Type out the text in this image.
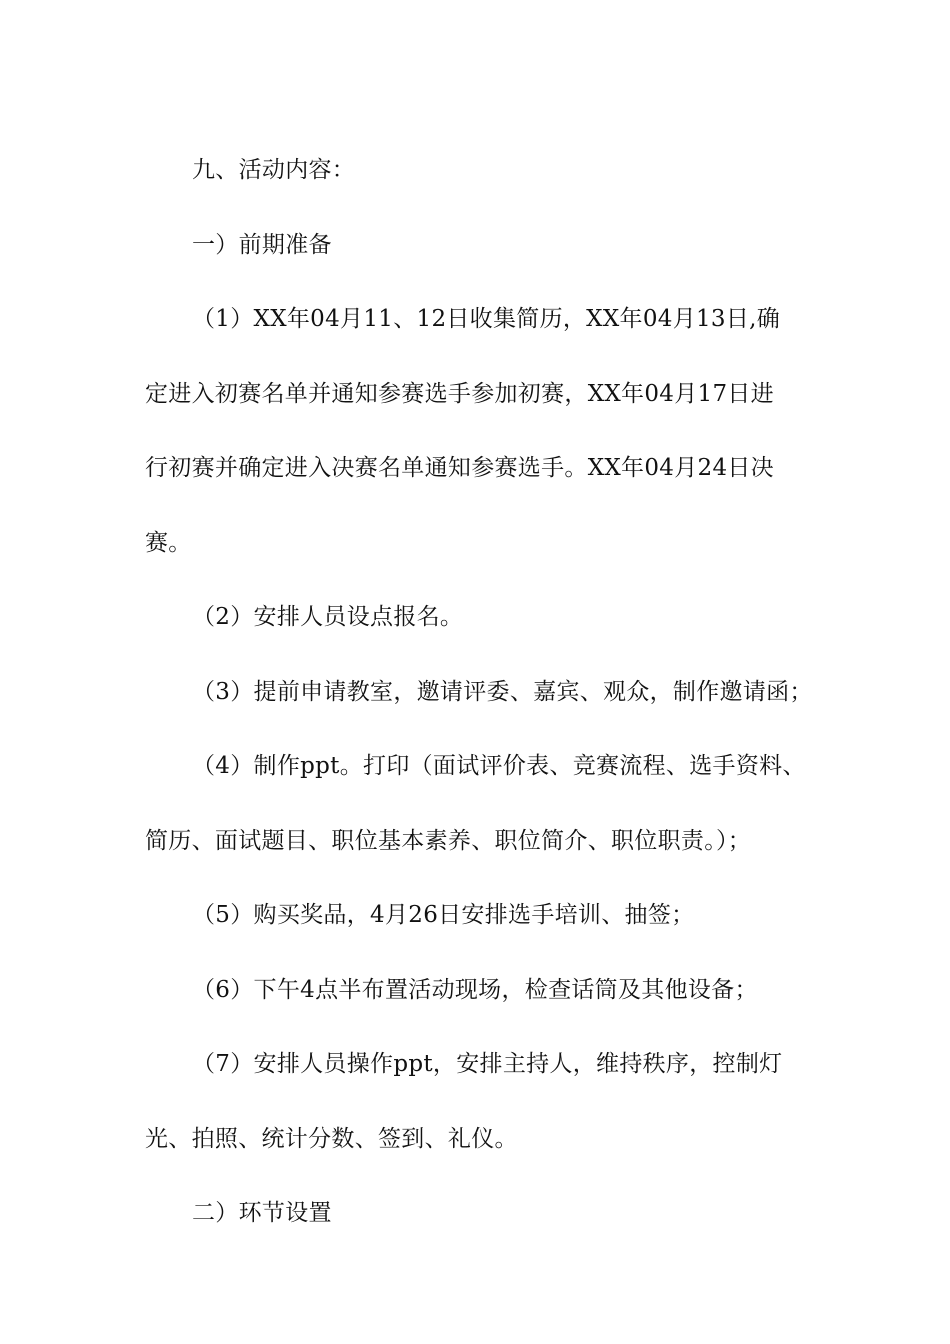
九、活动内容：
一）前期准备
（1）XX年04月11、12日收集简历，XX年04月13日,确
定进入初赛名单并通知参赛选手参加初赛，XX年04月17日进
行初赛并确定进入决赛名单通知参赛选手。XX年04月24日决
赛。
（2）安排人员设点报名。
（3）提前申请教室，邀请评委、嘉宾、观众，制作邀请函；
（4）制作ppt。打印（面试评价表、竞赛流程、选手资料、
简历、面试题目、职位基本素养、职位简介、职位职责。）；
（5）购买奖品，4月26日安排选手培训、抽签；
（6）下午4点半布置活动现场，检查话筒及其他设备；
（7）安排人员操作ppt，安排主持人，维持秩序，控制灯
光、拍照、统计分数、签到、礼仪。
二）环节设置
